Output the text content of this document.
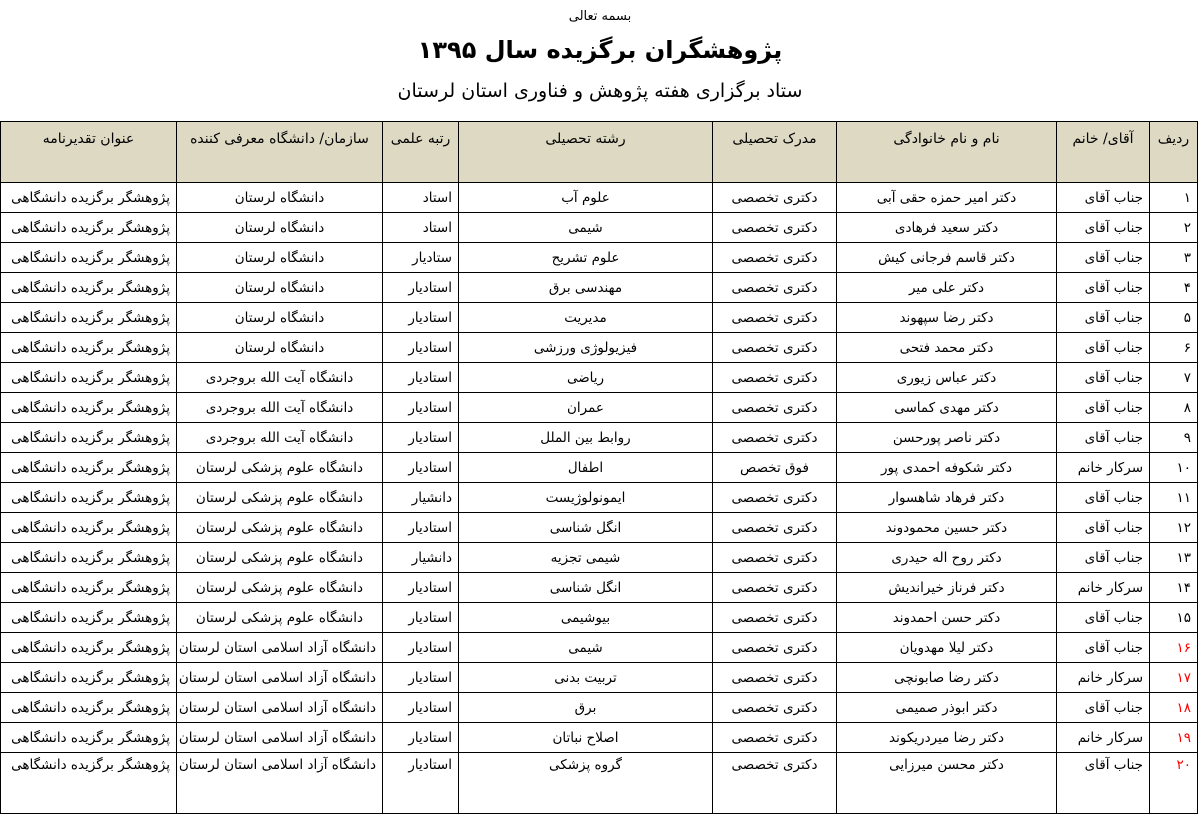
بسمه تعالی
پژوهشگران برگزیده سال ۱۳۹۵
ستاد برگزاری هفته پژوهش و فناوری استان لرستان
ردیف	آقای/ خانم	نام و نام خانوادگی	مدرک تحصیلی	رشته تحصیلی	رتبه علمی	سازمان/ دانشگاه معرفی کننده	عنوان تقدیرنامه
۱	جناب آقای	دکتر امیر حمزه حقی آبی	دکتری تخصصی	علوم آب	استاد	دانشگاه لرستان	پژوهشگر برگزیده دانشگاهی
۲	جناب آقای	دکتر سعید فرهادی	دکتری تخصصی	شیمی	استاد	دانشگاه لرستان	پژوهشگر برگزیده دانشگاهی
۳	جناب آقای	دکتر قاسم فرجانی کیش	دکتری تخصصی	علوم تشریح	ستادیار	دانشگاه لرستان	پژوهشگر برگزیده دانشگاهی
۴	جناب آقای	دکتر علی میر	دکتری تخصصی	مهندسی برق	استادیار	دانشگاه لرستان	پژوهشگر برگزیده دانشگاهی
۵	جناب آقای	دکتر رضا سپهوند	دکتری تخصصی	مدیریت	استادیار	دانشگاه لرستان	پژوهشگر برگزیده دانشگاهی
۶	جناب آقای	دکتر محمد فتحی	دکتری تخصصی	فیزیولوژی ورزشی	استادیار	دانشگاه لرستان	پژوهشگر برگزیده دانشگاهی
۷	جناب آقای	دکتر عباس زیوری	دکتری تخصصی	ریاضی	استادیار	دانشگاه آیت الله بروجردی	پژوهشگر برگزیده دانشگاهی
۸	جناب آقای	دکتر مهدی کماسی	دکتری تخصصی	عمران	استادیار	دانشگاه آیت الله بروجردی	پژوهشگر برگزیده دانشگاهی
۹	جناب آقای	دکتر ناصر پورحسن	دکتری تخصصی	روابط بین الملل	استادیار	دانشگاه آیت الله بروجردی	پژوهشگر برگزیده دانشگاهی
۱۰	سرکار خانم	دکتر شکوفه احمدی پور	فوق تخصص	اطفال	استادیار	دانشگاه علوم پزشکی لرستان	پژوهشگر برگزیده دانشگاهی
۱۱	جناب آقای	دکتر فرهاد شاهسوار	دکتری تخصصی	ایمونولوژیست	دانشیار	دانشگاه علوم پزشکی لرستان	پژوهشگر برگزیده دانشگاهی
۱۲	جناب آقای	دکتر حسین محمودوند	دکتری تخصصی	انگل شناسی	استادیار	دانشگاه علوم پزشکی لرستان	پژوهشگر برگزیده دانشگاهی
۱۳	جناب آقای	دکتر روح اله حیدری	دکتری تخصصی	شیمی تجزیه	دانشیار	دانشگاه علوم پزشکی لرستان	پژوهشگر برگزیده دانشگاهی
۱۴	سرکار خانم	دکتر فرناز خیراندیش	دکتری تخصصی	انگل شناسی	استادیار	دانشگاه علوم پزشکی لرستان	پژوهشگر برگزیده دانشگاهی
۱۵	جناب آقای	دکتر حسن احمدوند	دکتری تخصصی	بیوشیمی	استادیار	دانشگاه علوم پزشکی لرستان	پژوهشگر برگزیده دانشگاهی
۱۶	جناب آقای	دکتر لیلا مهدویان	دکتری تخصصی	شیمی	استادیار	دانشگاه آزاد اسلامی استان لرستان	پژوهشگر برگزیده دانشگاهی
۱۷	سرکار خانم	دکتر رضا صابونچی	دکتری تخصصی	تربیت بدنی	استادیار	دانشگاه آزاد اسلامی استان لرستان	پژوهشگر برگزیده دانشگاهی
۱۸	جناب آقای	دکتر ابوذر صمیمی	دکتری تخصصی	برق	استادیار	دانشگاه آزاد اسلامی استان لرستان	پژوهشگر برگزیده دانشگاهی
۱۹	سرکار خانم	دکتر رضا میردریکوند	دکتری تخصصی	اصلاح نباتان	استادیار	دانشگاه آزاد اسلامی استان لرستان	پژوهشگر برگزیده دانشگاهی
۲۰	جناب آقای	دکتر محسن میرزایی	دکتری تخصصی	گروه پزشکی	استادیار	دانشگاه آزاد اسلامی استان لرستان	پژوهشگر برگزیده دانشگاهی
